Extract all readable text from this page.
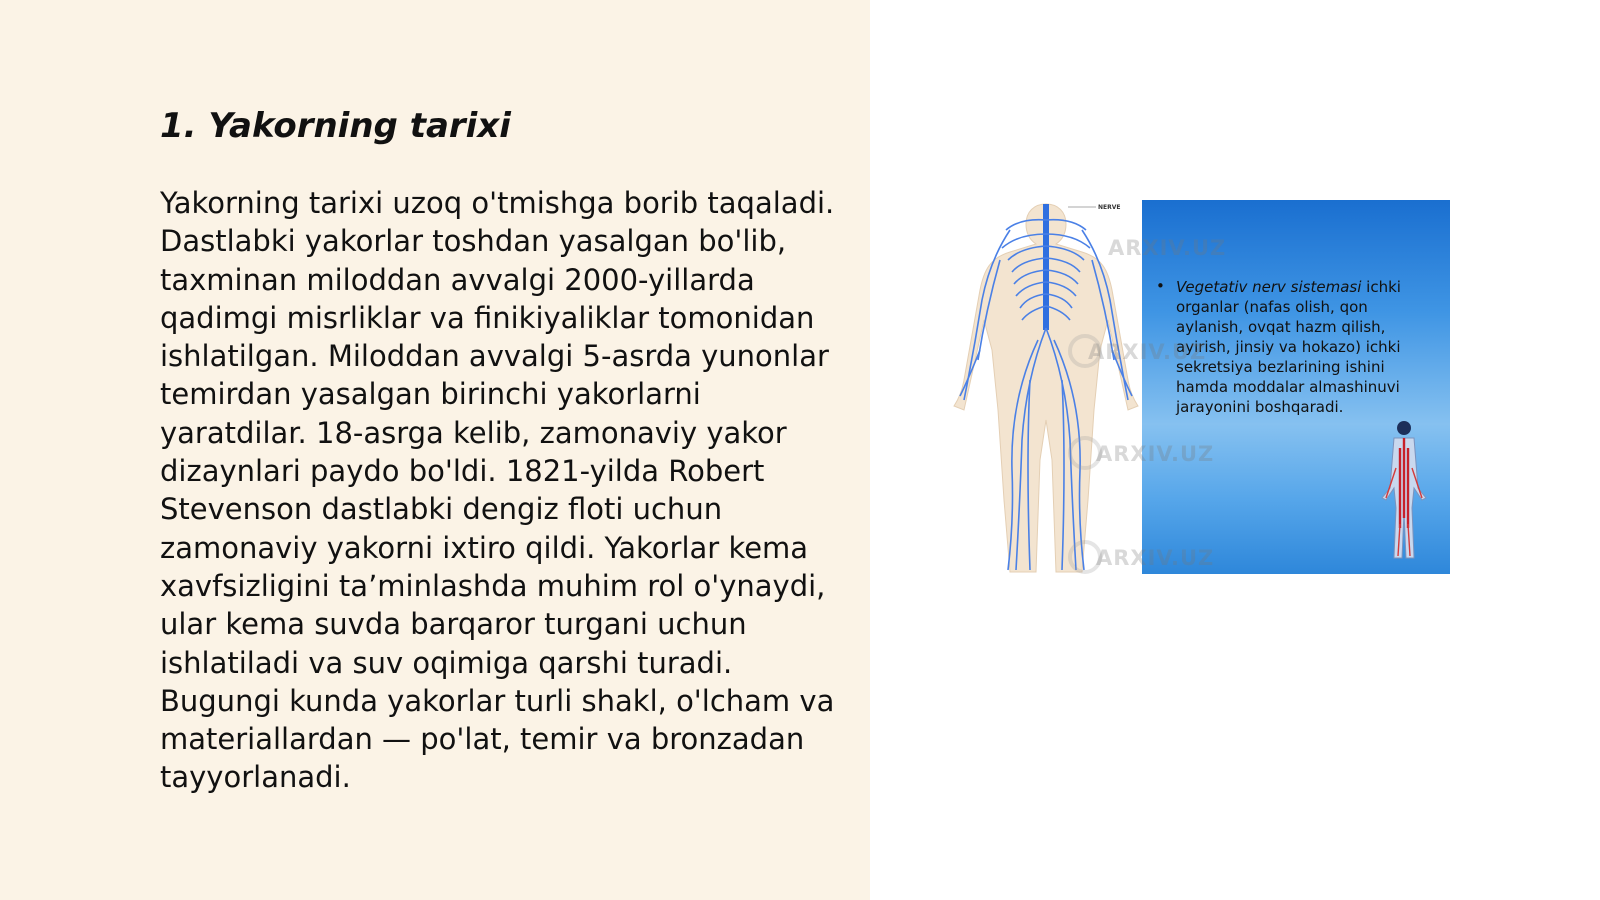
1. Yakorning tarixi

Yakorning tarixi uzoq o'tmishga borib taqaladi. Dastlabki yakorlar toshdan yasalgan bo'lib, taxminan miloddan avvalgi 2000-yillarda qadimgi misrliklar va finikiyaliklar tomonidan ishlatilgan. Miloddan avvalgi 5-asrda yunonlar temirdan yasalgan birinchi yakorlarni yaratdilar. 18-asrga kelib, zamonaviy yakor dizaynlari paydo bo'ldi. 1821-yilda Robert Stevenson dastlabki dengiz floti uchun zamonaviy yakorni ixtiro qildi. Yakorlar kema xavfsizligini ta’minlashda muhim rol o'ynaydi, ular kema suvda barqaror turgani uchun ishlatiladi va suv oqimiga qarshi turadi. Bugungi kunda yakorlar turli shakl, o'lcham va materiallardan — po'lat, temir va bronzadan tayyorlanadi.

NERVE
• Vegetativ nerv sistemasi ichki organlar (nafas olish, qon aylanish, ovqat hazm qilish, ayirish, jinsiy va hokazo) ichki sekretsiya bezlarining ishini hamda moddalar almashinuvi jarayonini boshqaradi.
ARXIV.UZ
ARXIV.UZ
ARXIV.UZ
ARXIV.UZ
